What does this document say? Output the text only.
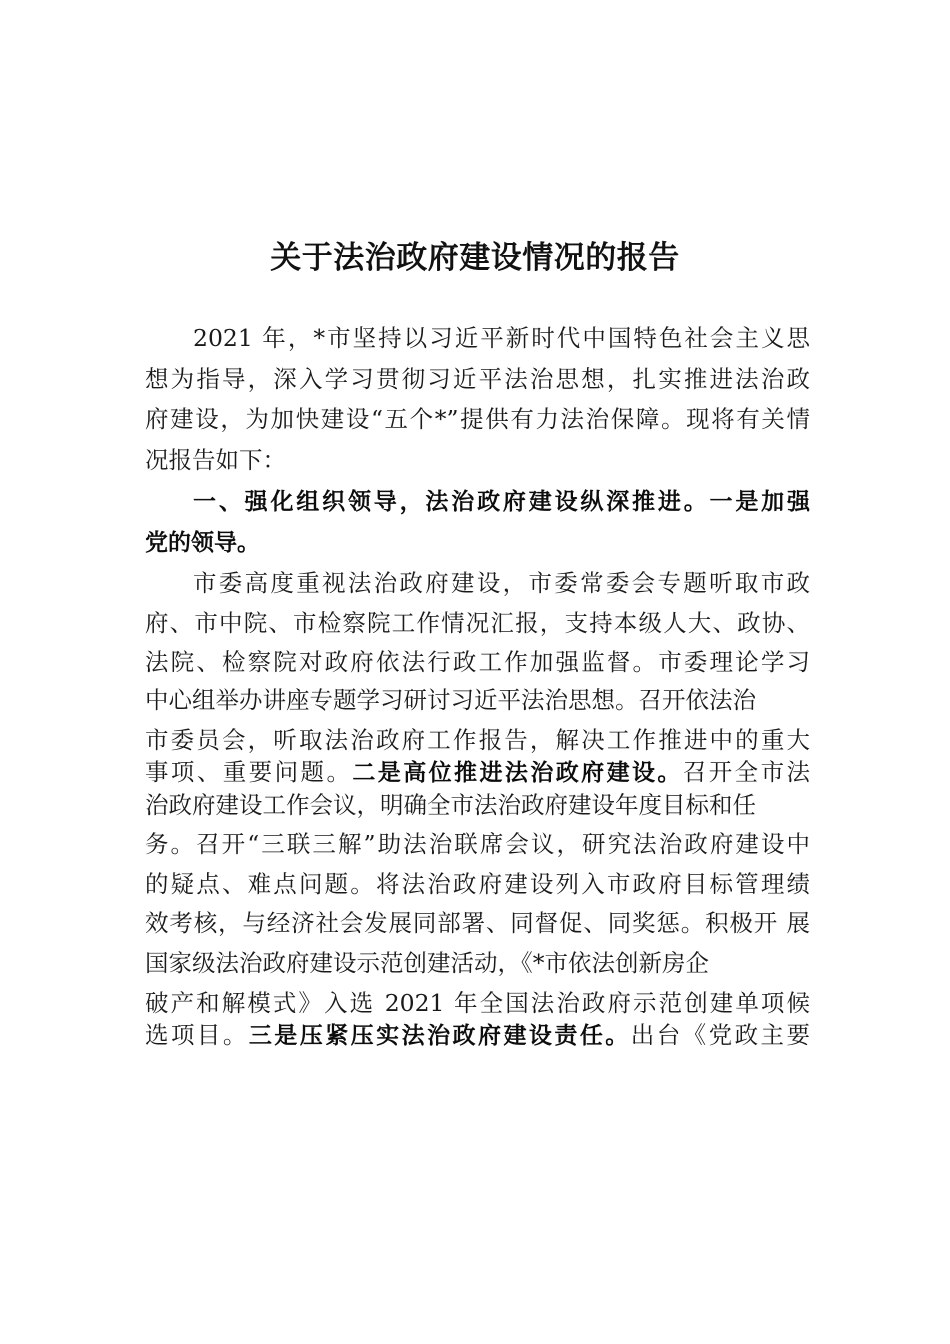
关于法治政府建设情况的报告
2021 年，*市坚持以习近平新时代中国特色社会主义思
想为指导，深入学习贯彻习近平法治思想，扎实推进法治政
府建设，为加快建设“五个*”提供有力法治保障。现将有关情
况报告如下：
一、强化组织领导，法治政府建设纵深推进。一是加强
党的领导。
市委高度重视法治政府建设，市委常委会专题听取市政
府、市中院、市检察院工作情况汇报，支持本级人大、政协、
法院、检察院对政府依法行政工作加强监督。市委理论学习
中心组举办讲座专题学习研讨习近平法治思想。召开依法治
市委员会，听取法治政府工作报告，解决工作推进中的重大
事项、重要问题。二是高位推进法治政府建设。召开全市法
治政府建设工作会议，明确全市法治政府建设年度目标和任
务。召开“三联三解”助法治联席会议，研究法治政府建设中
的疑点、难点问题。将法治政府建设列入市政府目标管理绩
效考核，与经济社会发展同部署、同督促、同奖惩。积极开 展
国家级法治政府建设示范创建活动，《*市依法创新房企
破产和解模式》入选 2021 年全国法治政府示范创建单项候
选项目。三是压紧压实法治政府建设责任。出台《党政主要
